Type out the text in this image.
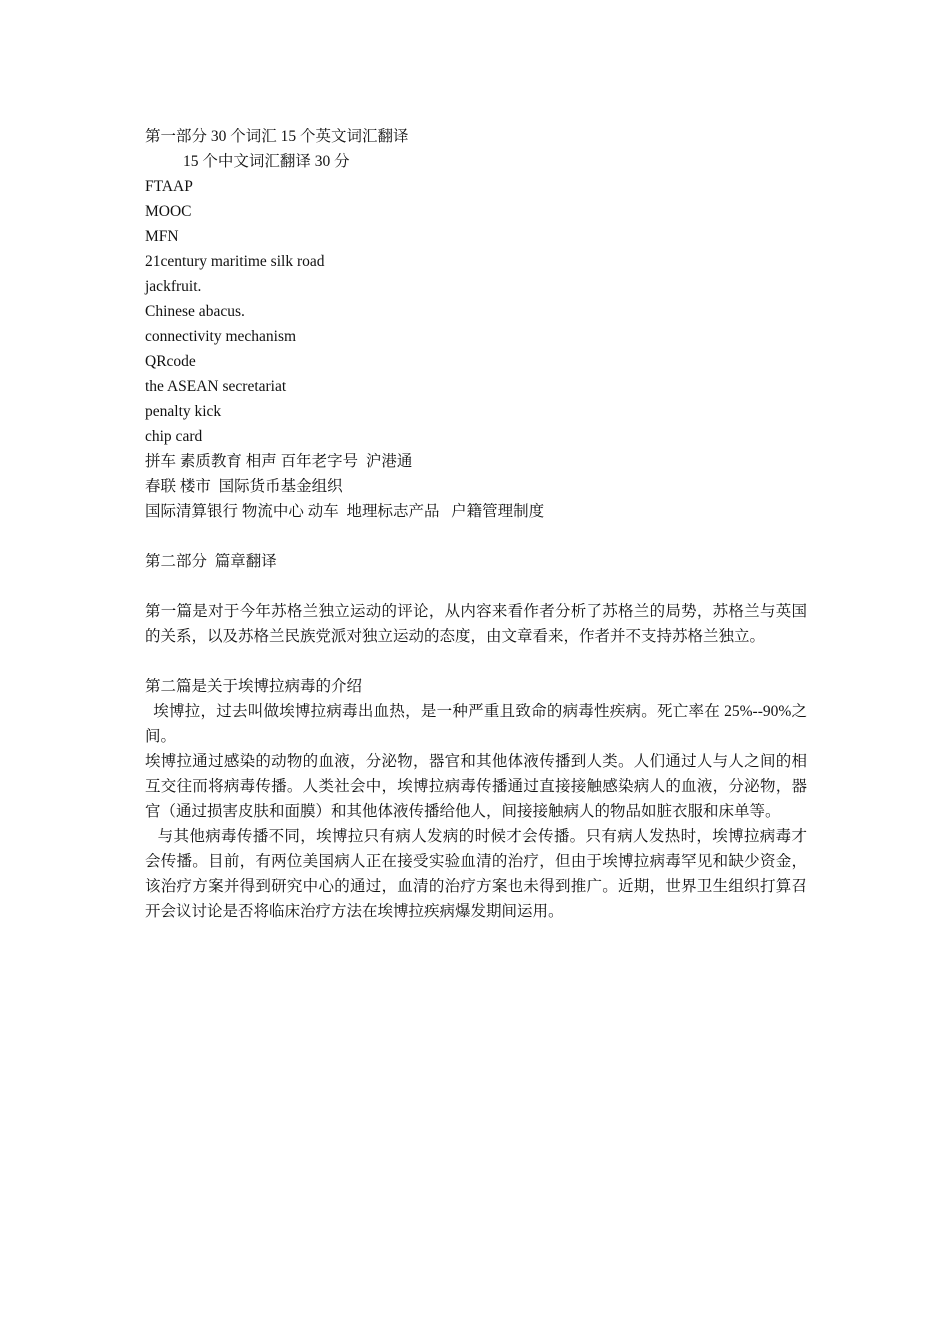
第一部分 30 个词汇 15 个英文词汇翻译
15 个中文词汇翻译 30 分
FTAAP
MOOC
MFN
21century maritime silk road
jackfruit.
Chinese abacus.
connectivity mechanism
QRcode
the ASEAN secretariat
penalty kick
chip card
拼车 素质教育 相声 百年老字号  沪港通
春联 楼市  国际货币基金组织
国际清算银行 物流中心 动车  地理标志产品   户籍管理制度
第二部分  篇章翻译

第一篇是对于今年苏格兰独立运动的评论，从内容来看作者分析了苏格兰的局势，苏格兰与英国的关系，以及苏格兰民族党派对独立运动的态度，由文章看来，作者并不支持苏格兰独立。

第二篇是关于埃博拉病毒的介绍

埃博拉，过去叫做埃博拉病毒出血热，是一种严重且致命的病毒性疾病。死亡率在 25%--90%之间。

埃博拉通过感染的动物的血液，分泌物，器官和其他体液传播到人类。人们通过人与人之间的相互交往而将病毒传播。人类社会中，埃博拉病毒传播通过直接接触感染病人的血液，分泌物，器官（通过损害皮肤和面膜）和其他体液传播给他人，间接接触病人的物品如脏衣服和床单等。

与其他病毒传播不同，埃博拉只有病人发病的时候才会传播。只有病人发热时，埃博拉病毒才会传播。目前，有两位美国病人正在接受实验血清的治疗，但由于埃博拉病毒罕见和缺少资金，该治疗方案并得到研究中心的通过，血清的治疗方案也未得到推广。近期，世界卫生组织打算召开会议讨论是否将临床治疗方法在埃博拉疾病爆发期间运用。
